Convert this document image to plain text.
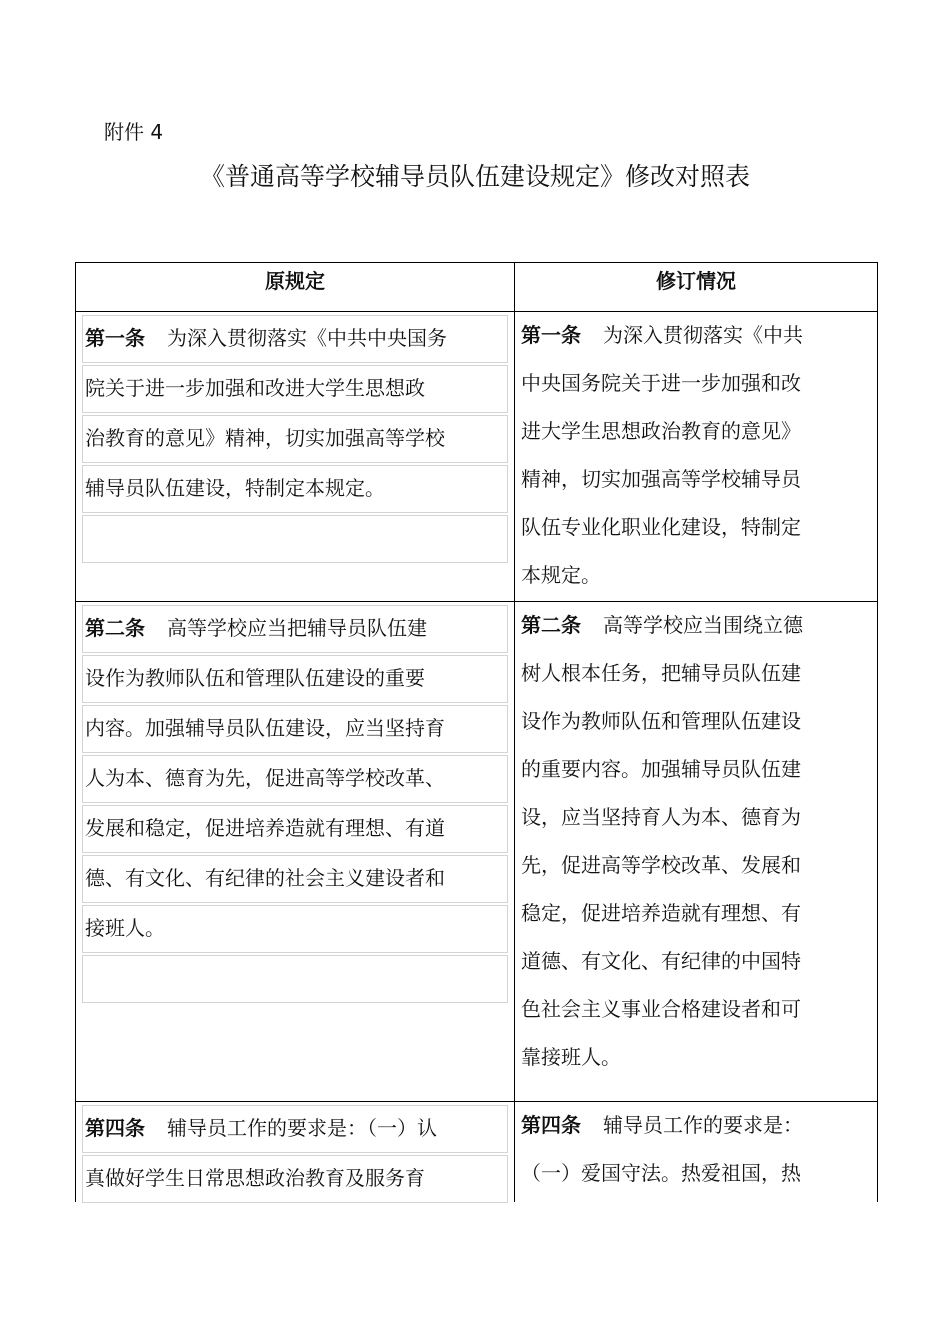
附件 4
《普通高等学校辅导员队伍建设规定》修改对照表
原规定	修订情况
第一条 为深入贯彻落实《中共中央国务
院关于进一步加强和改进大学生思想政
治教育的意见》精神，切实加强高等学校
辅导员队伍建设，特制定本规定。
第一条 为深入贯彻落实《中共
中央国务院关于进一步加强和改
进大学生思想政治教育的意见》
精神，切实加强高等学校辅导员
队伍专业化职业化建设，特制定
本规定。
第二条 高等学校应当把辅导员队伍建
设作为教师队伍和管理队伍建设的重要
内容。加强辅导员队伍建设，应当坚持育
人为本、德育为先，促进高等学校改革、
发展和稳定，促进培养造就有理想、有道
德、有文化、有纪律的社会主义建设者和
接班人。
第二条 高等学校应当围绕立德
树人根本任务，把辅导员队伍建
设作为教师队伍和管理队伍建设
的重要内容。加强辅导员队伍建
设，应当坚持育人为本、德育为
先，促进高等学校改革、发展和
稳定，促进培养造就有理想、有
道德、有文化、有纪律的中国特
色社会主义事业合格建设者和可
靠接班人。
第四条 辅导员工作的要求是：（一）认
真做好学生日常思想政治教育及服务育
第四条 辅导员工作的要求是：
（一）爱国守法。热爱祖国，热
